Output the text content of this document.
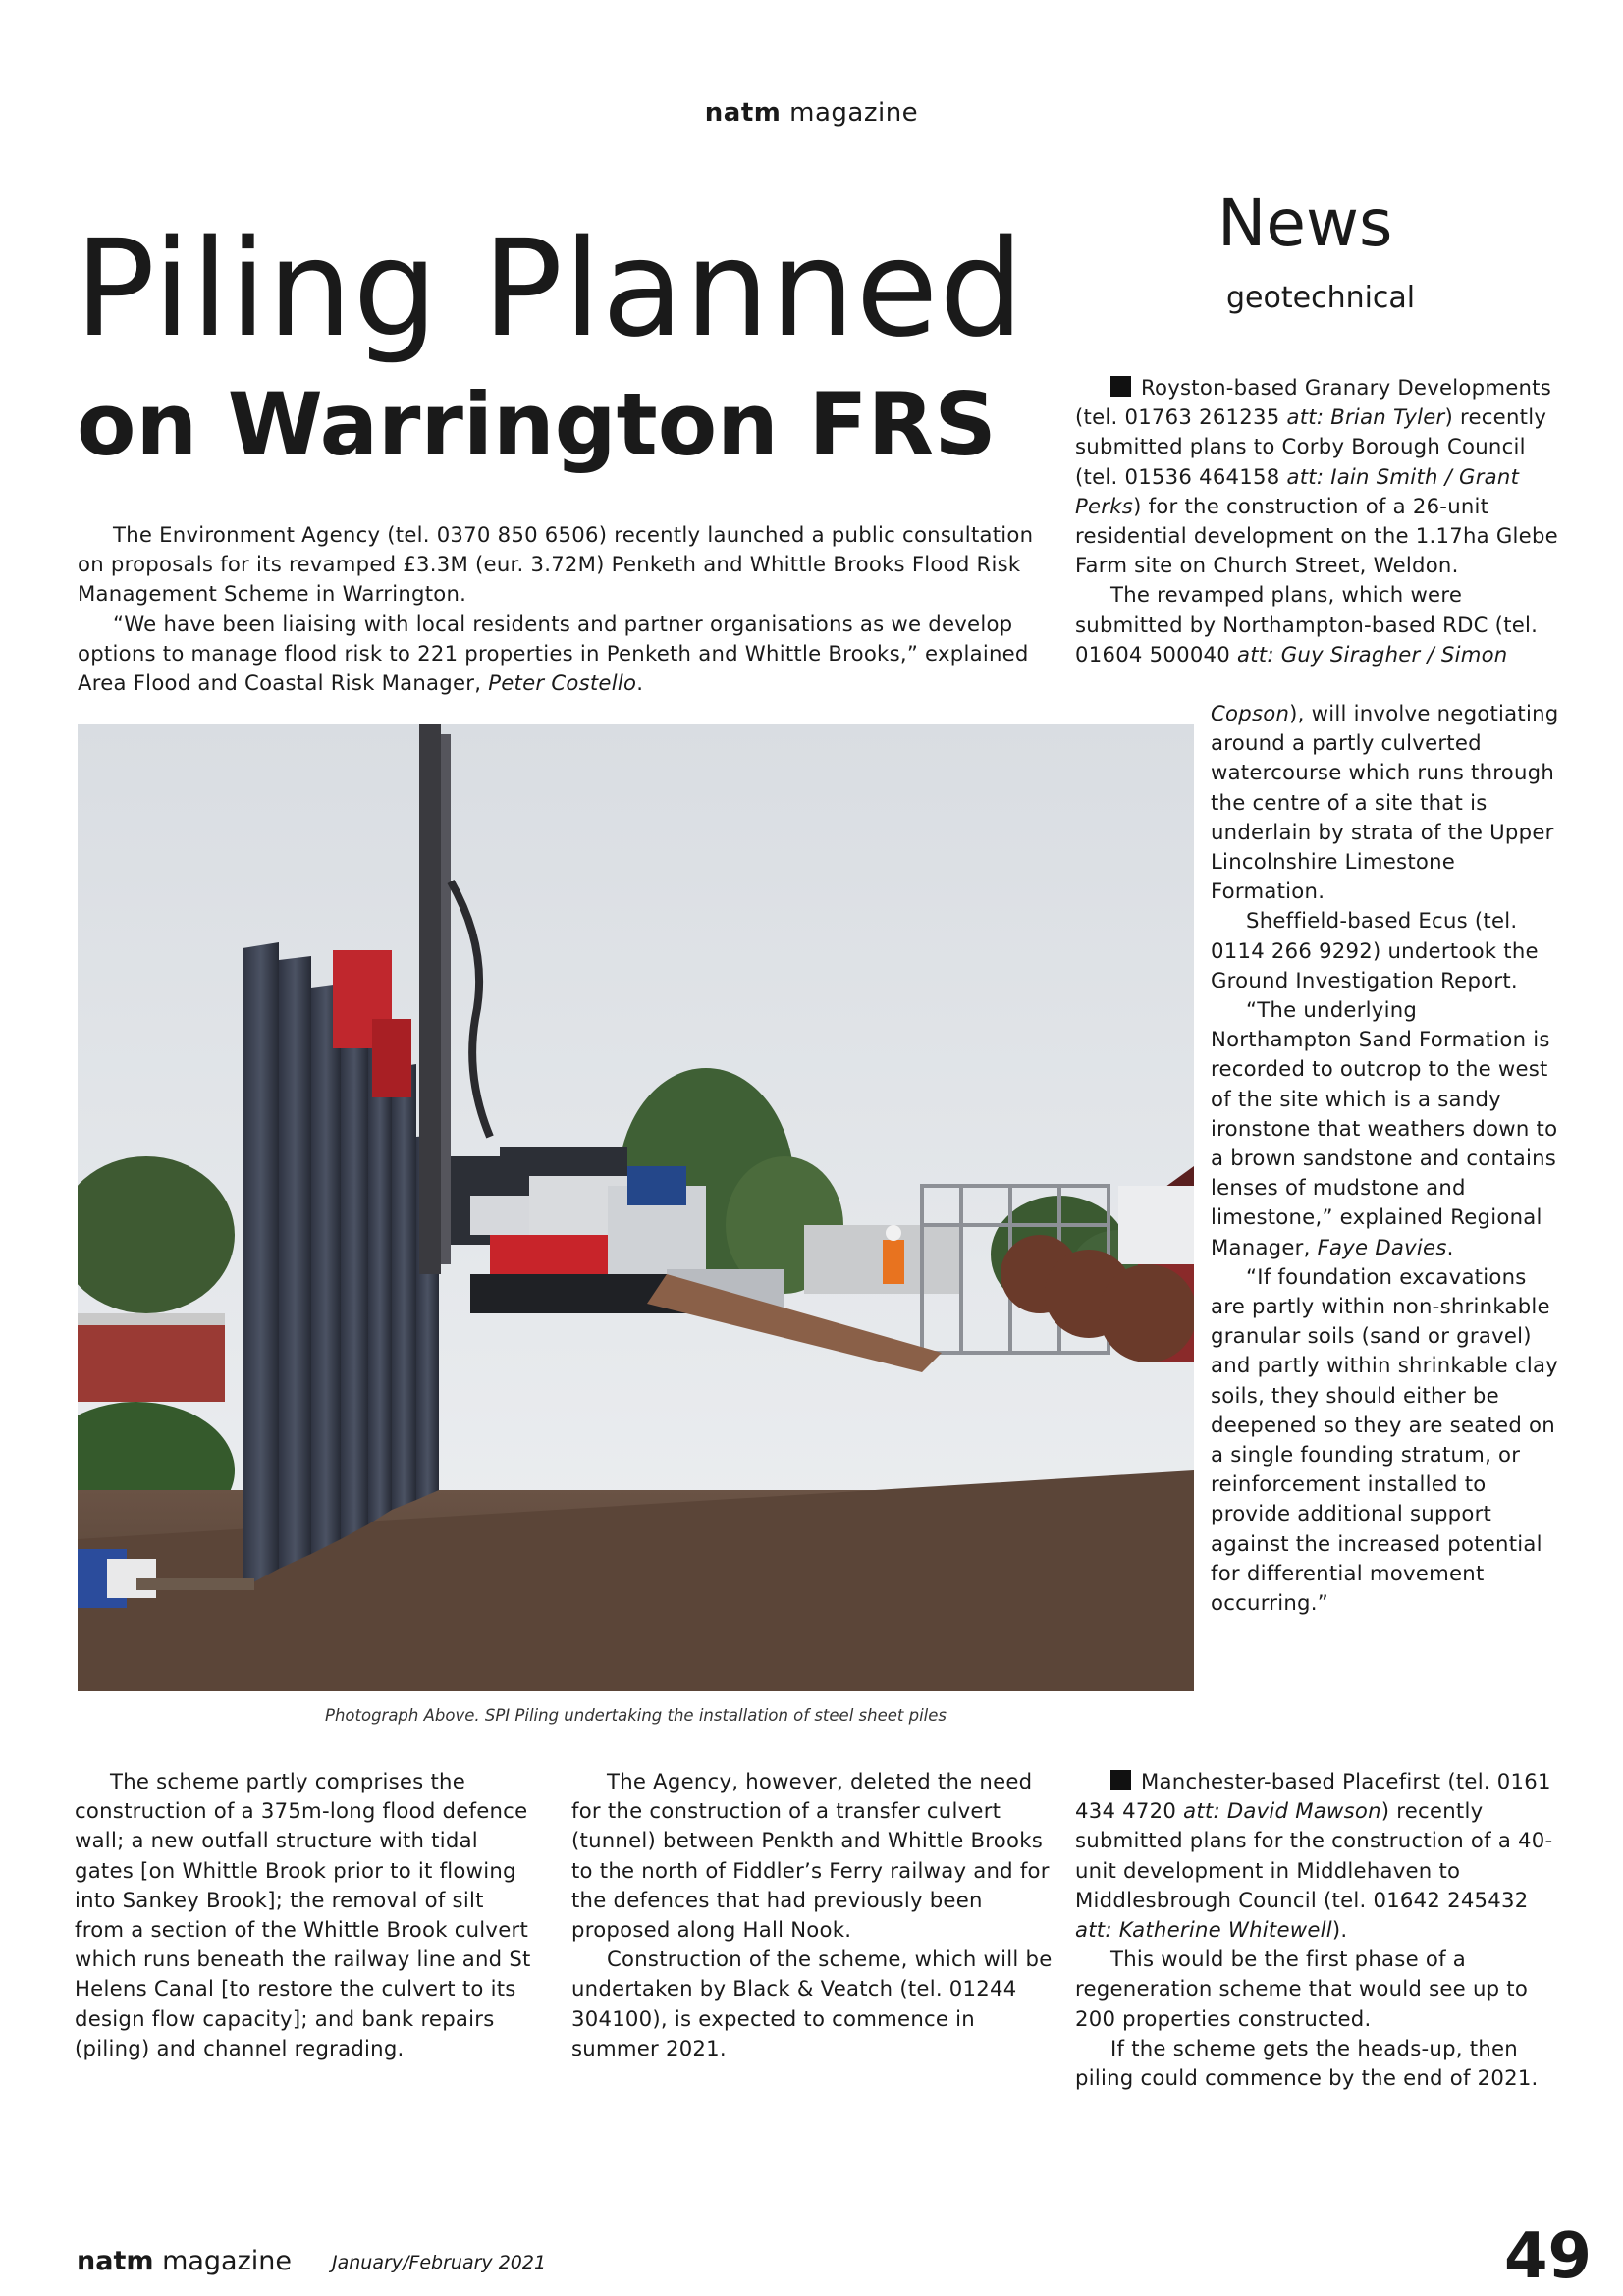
natm magazine
Piling Planned
on Warrington FRS
News
geotechnical

The Environment Agency (tel. 0370 850 6506) recently launched a public consultation on proposals for its revamped £3.3M (eur. 3.72M) Penketh and Whittle Brooks Flood Risk Management Scheme in Warrington.

“We have been liaising with local residents and partner organisations as we develop options to manage flood risk to 221 properties in Penketh and Whittle Brooks,” explained Area Flood and Coastal Risk Manager, Peter Costello.

Photograph Above. SPI Piling undertaking the installation of steel sheet piles

The scheme partly comprises the construction of a 375m-long flood defence wall; a new outfall structure with tidal gates [on Whittle Brook prior to it flowing into Sankey Brook]; the removal of silt from a section of the Whittle Brook culvert which runs beneath the railway line and St Helens Canal [to restore the culvert to its design flow capacity]; and bank repairs (piling) and channel regrading.

The Agency, however, deleted the need for the construction of a transfer culvert (tunnel) between Penkth and Whittle Brooks to the north of Fiddler’s Ferry railway and for the defences that had previously been proposed along Hall Nook.

Construction of the scheme, which will be undertaken by Black & Veatch (tel. 01244 304100), is expected to commence in summer 2021.

Royston-based Granary Developments (tel. 01763 261235 att: Brian Tyler) recently submitted plans to Corby Borough Council (tel. 01536 464158 att: Iain Smith / Grant Perks) for the construction of a 26-unit residential development on the 1.17ha Glebe Farm site on Church Street, Weldon.

The revamped plans, which were submitted by Northampton-based RDC (tel. 01604 500040 att: Guy Siragher / Simon

Copson), will involve negotiating around a partly culverted watercourse which runs through the centre of a site that is underlain by strata of the Upper Lincolnshire Limestone Formation.

Sheffield-based Ecus (tel. 0114 266 9292) undertook the Ground Investigation Report.

“The underlying Northampton Sand Formation is recorded to outcrop to the west of the site which is a sandy ironstone that weathers down to a brown sandstone and contains lenses of mudstone and limestone,” explained Regional Manager, Faye Davies.

“If foundation excavations are partly within non-shrinkable granular soils (sand or gravel) and partly within shrinkable clay soils, they should either be deepened so they are seated on a single founding stratum, or reinforcement installed to provide additional support against the increased potential for differential movement occurring.”

Manchester-based Placefirst (tel. 0161 434 4720 att: David Mawson) recently submitted plans for the construction of a 40-unit development in Middlehaven to Middlesbrough Council (tel. 01642 245432 att: Katherine Whitewell).

This would be the first phase of a regeneration scheme that would see up to 200 properties constructed.

If the scheme gets the heads-up, then piling could commence by the end of 2021.

natm magazine January/February 2021	49
